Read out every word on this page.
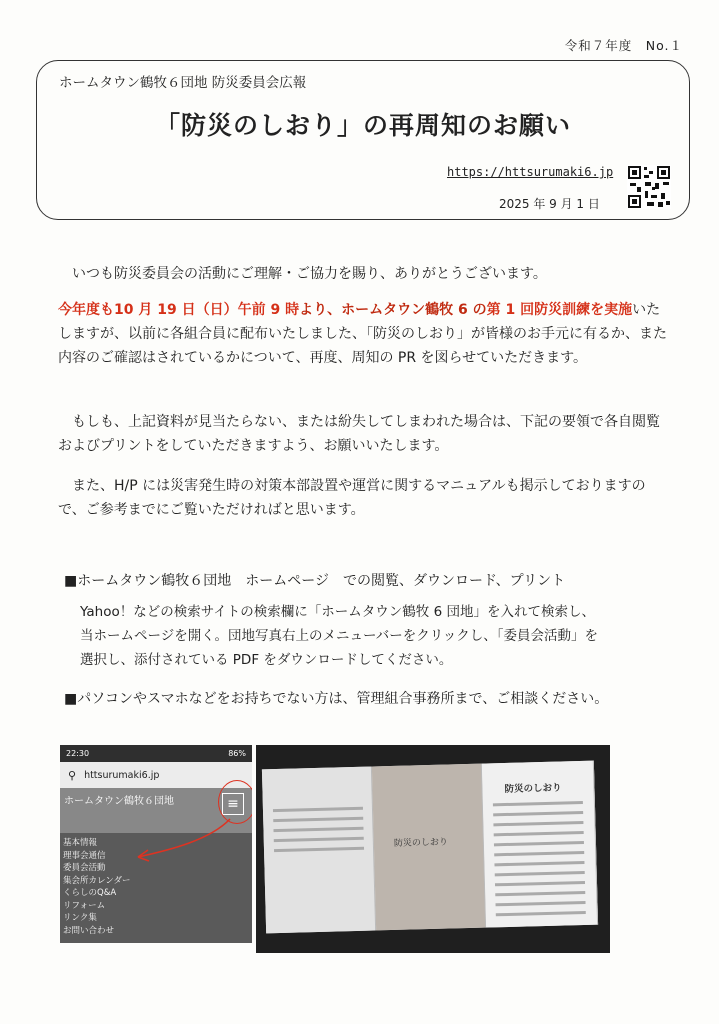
令和７年度　No.１
ホームタウン鶴牧６団地 防災委員会広報
「防災のしおり」の再周知のお願い
https://httsurumaki6.jp
2025 年 9 月 1 日
いつも防災委員会の活動にご理解・ご協力を賜り、ありがとうございます。
今年度も10 月 19 日（日）午前 9 時より、ホームタウン鶴牧 6 の第 1 回防災訓練を実施いたしますが、以前に各組合員に配布いたしました、「防災のしおり」が皆様のお手元に有るか、また内容のご確認はされているかについて、再度、周知の PR を図らせていただきます。
もしも、上記資料が見当たらない、または紛失してしまわれた場合は、下記の要領で各自閲覧およびプリントをしていただきますよう、お願いいたします。
また、H/P には災害発生時の対策本部設置や運営に関するマニュアルも掲示しておりますので、ご参考までにご覧いただければと思います。
■ホームタウン鶴牧６団地　ホームページ　での閲覧、ダウンロード、プリント
Yahoo！などの検索サイトの検索欄に「ホームタウン鶴牧 6 団地」を入れて検索し、
当ホームページを開く。団地写真右上のメニューバーをクリックし、「委員会活動」を
選択し、添付されている PDF をダウンロードしてください。
■パソコンやスマホなどをお持ちでない方は、管理組合事務所まで、ご相談ください。
22:30	86%
⚲ httsurumaki6.jp
ホームタウン鶴牧６団地	≡
基本情報
理事会通信
委員会活動
集会所カレンダー
くらしのQ&A
リフォーム
リンク集
お問い合わせ
防災のしおり
防災のしおり
